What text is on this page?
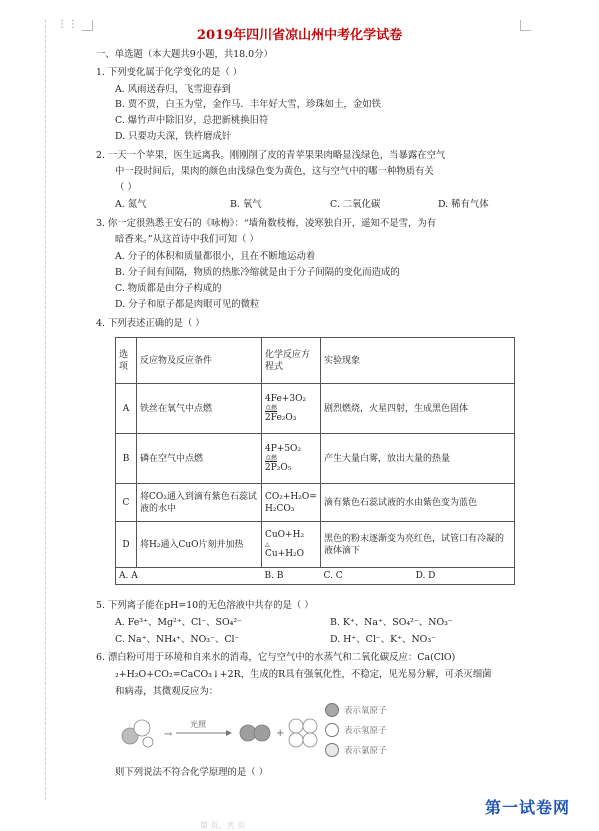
⋮⋮
2019年四川省凉山州中考化学试卷
一、单选题（本大题共9小题，共18.0分）
1. 下列变化属于化学变化的是（ ）
A. 风雨送春归，飞雪迎春到
B. 贾不贾，白玉为堂，金作马．丰年好大雪，珍珠如土，金如铁
C. 爆竹声中除旧岁，总把新桃换旧符
D. 只要功夫深，铁杵磨成针
2. 一天一个苹果，医生远离我。刚刚削了皮的青苹果果肉略显浅绿色，当暴露在空气
中一段时间后，果肉的颜色由浅绿色变为黄色，这与空气中的哪一种物质有关
（ ）
A. 氮气	B. 氧气	C. 二氧化碳	D. 稀有气体
3. 你一定很熟悉王安石的《咏梅》：“墙角数枝梅，凌寒独自开，遥知不是雪，为有
暗香来。”从这首诗中我们可知（ ）
A. 分子的体积和质量都很小，且在不断地运动着
B. 分子间有间隔，物质的热胀冷缩就是由于分子间隔的变化而造成的
C. 物质都是由分子构成的
D. 分子和原子都是肉眼可见的微粒
4. 下列表述正确的是（ ）
选项	反应物及反应条件	化学反应方程式	实验现象
A	铁丝在氧气中点燃	4Fe+3O₂
点燃
2Fe₂O₃	剧烈燃烧，火星四射，生成黑色固体
B	磷在空气中点燃	4P+5O₂
点燃
2P₂O₅	产生大量白雾，放出大量的热量
C	将CO₂通入到滴有紫色石蕊试液的水中	CO₂+H₂O=H₂CO₃	滴有紫色石蕊试液的水由紫色变为蓝色
D	将H₂通入CuO片刻并加热	CuO+H₂
△
Cu+H₂O	黑色的粉末逐渐变为亮红色，试管口有冷凝的液体滴下
A. A		B. B	C. C D. D
5. 下列离子能在pH=10的无色溶液中共存的是（ ）
A. Fe³⁺、Mg²⁺、Cl⁻、SO₄²⁻	B. K⁺、Na⁺、SO₄²⁻、NO₃⁻
C. Na⁺、NH₄⁺、NO₃⁻、Cl⁻	D. H⁺、Cl⁻、K⁺、NO₃⁻
6. 漂白粉可用于环境和自来水的消毒，它与空气中的水蒸气和二氧化碳反应：Ca(ClO)
₂+H₂O+CO₂=CaCO₃↓+2R，生成的R具有强氧化性，不稳定，见光易分解，可杀灭细菌
和病毒，其微观反应为：
→
光照
+
表示氧原子
表示氢原子
表示氯原子
则下列说法不符合化学原理的是（ ）
第一试卷网
第 页，共 页
